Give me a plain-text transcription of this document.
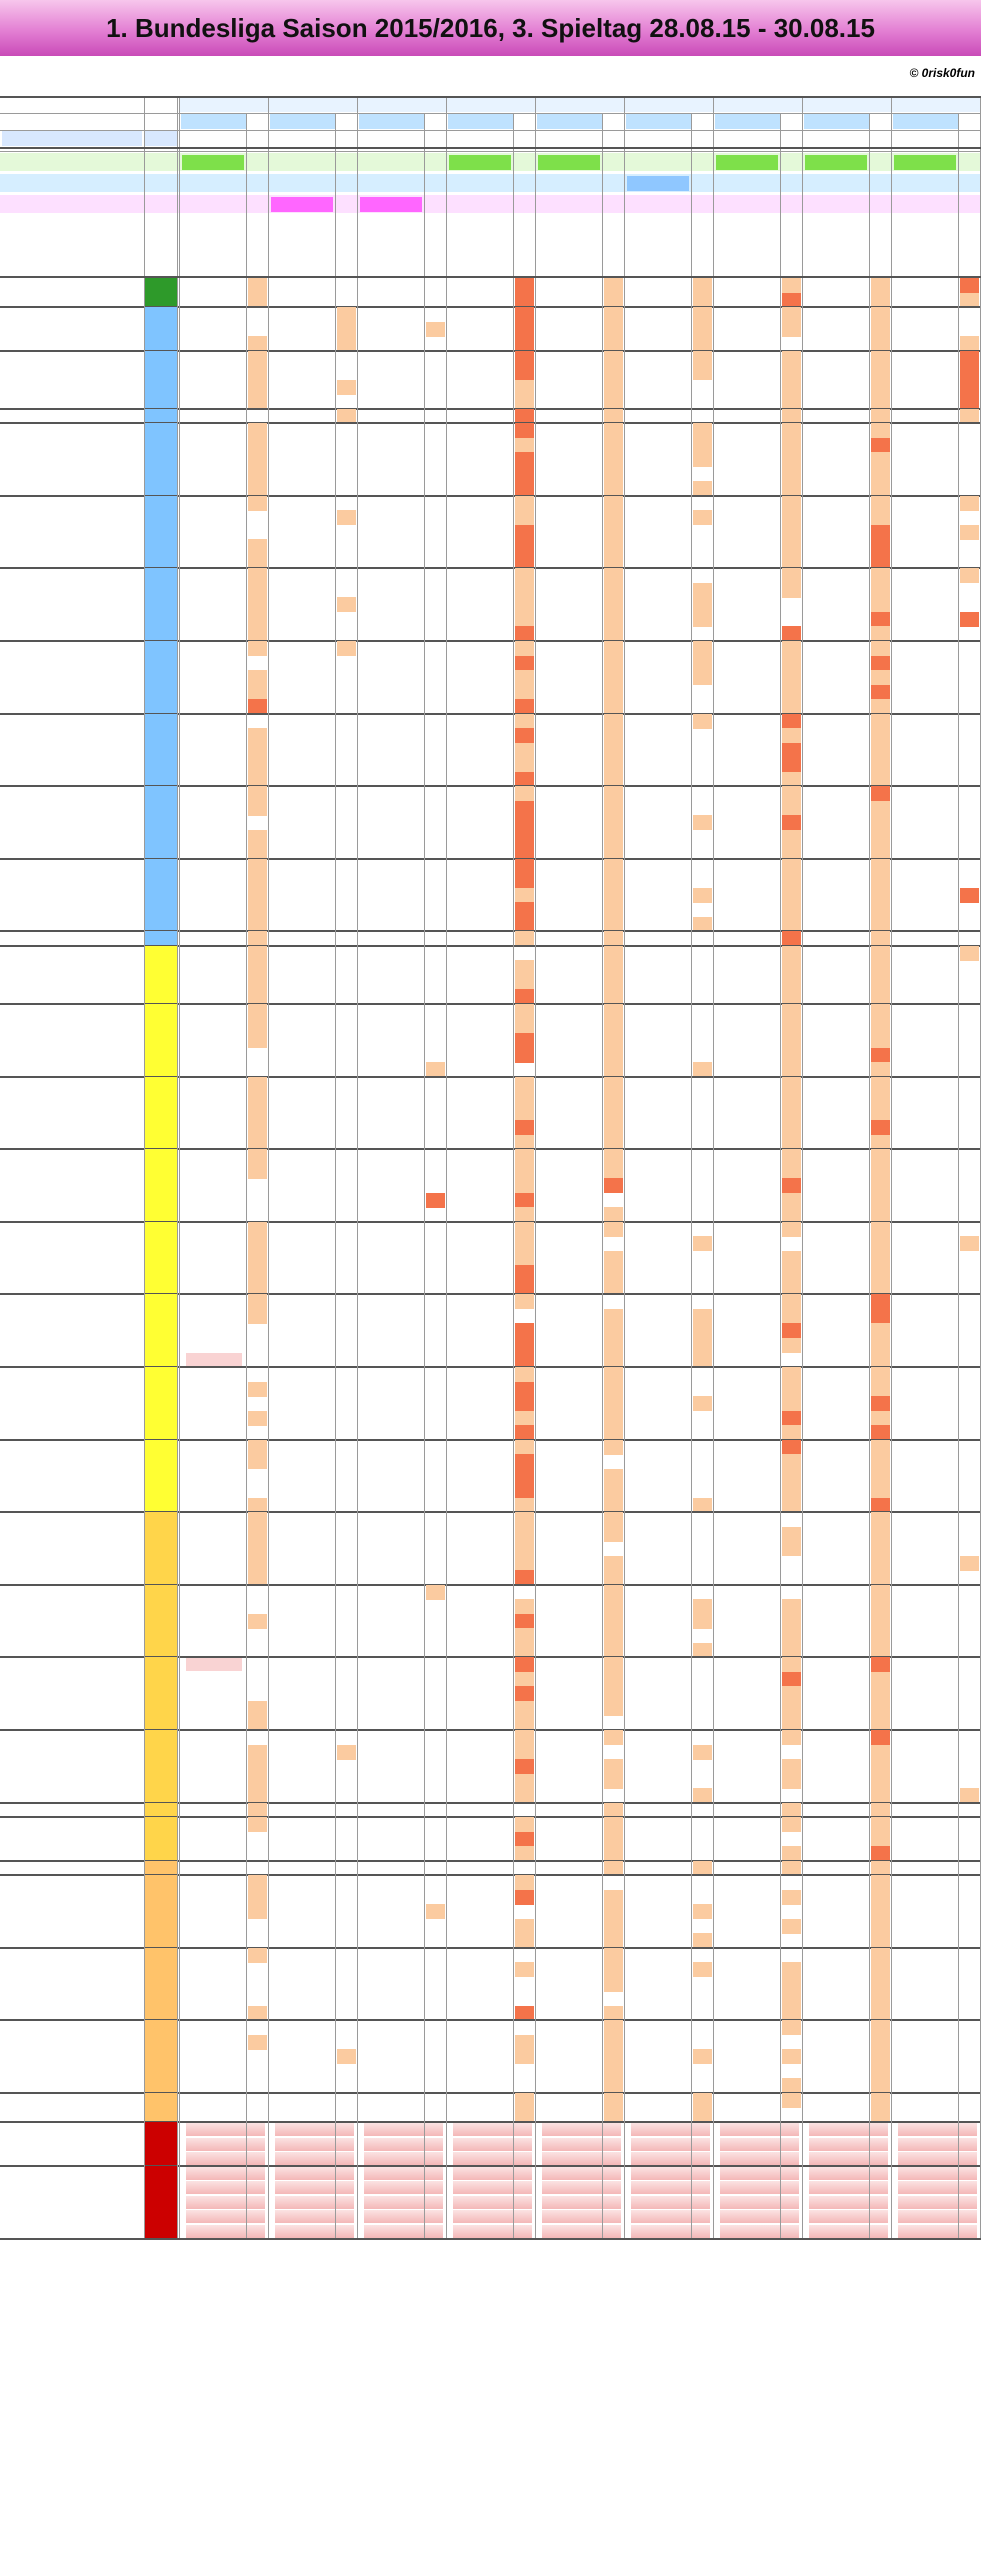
1. Bundesliga Saison 2015/2016, 3. Spieltag 28.08.15 - 30.08.15
© 0risk0fun
